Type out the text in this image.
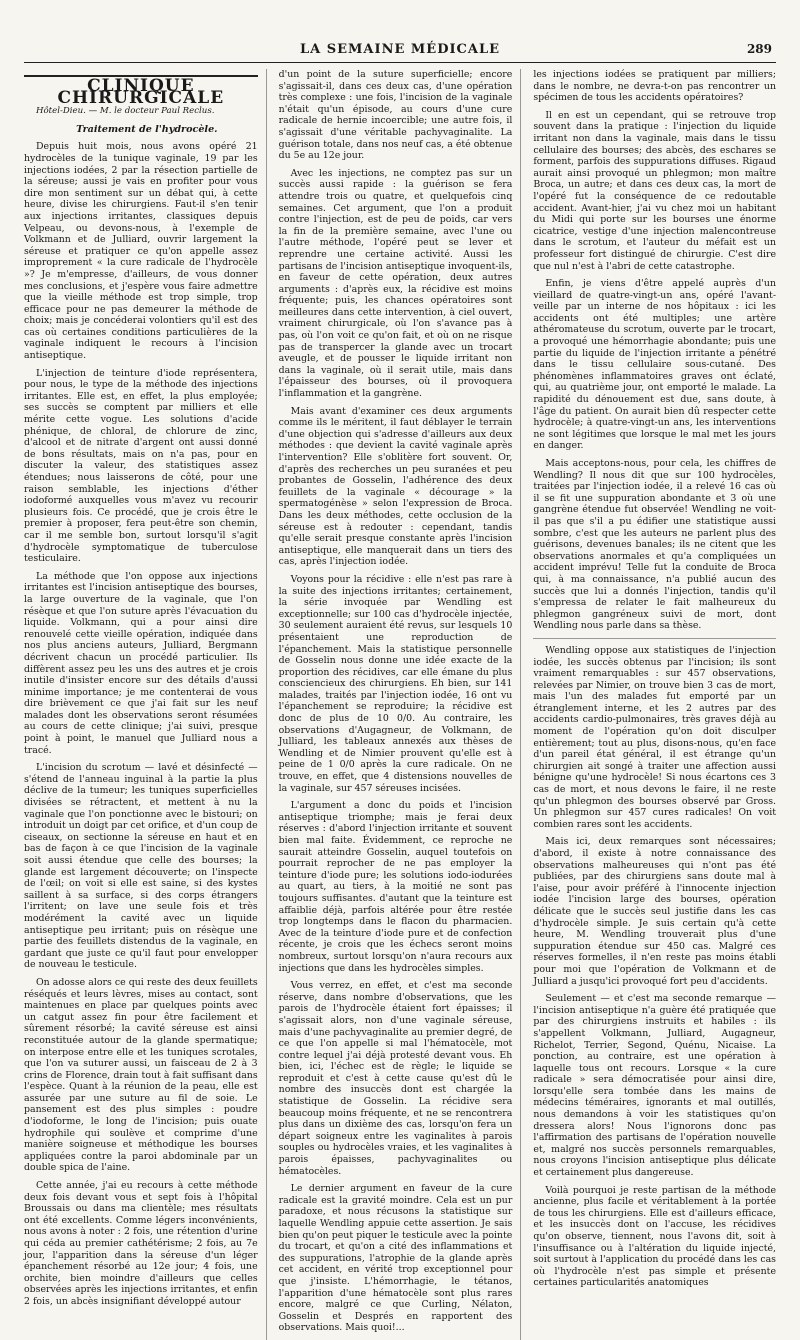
LA SEMAINE MÉDICALE	289
CLINIQUE CHIRURGICALE

Hôtel-Dieu. — M. le docteur Paul Reclus.

Traitement de l'hydrocèle.

Depuis huit mois, nous avons opéré 21 hydrocèles de la tunique vaginale, 19 par les injections iodées, 2 par la résection partielle de la séreuse; aussi je vais en profiter pour vous dire mon sentiment sur un débat qui, à cette heure, divise les chirurgiens. Faut-il s'en tenir aux injections irritantes, classiques depuis Velpeau, ou devons-nous, à l'exemple de Volkmann et de Julliard, ouvrir largement la séreuse et pratiquer ce qu'on appelle assez improprement « la cure radicale de l'hydrocèle »? Je m'empresse, d'ailleurs, de vous donner mes conclusions, et j'espère vous faire admettre que la vieille méthode est trop simple, trop efficace pour ne pas demeurer la méthode de choix; mais je concéderai volontiers qu'il est des cas où certaines conditions particulières de la vaginale indiquent le recours à l'incision antiseptique.

L'injection de teinture d'iode représentera, pour nous, le type de la méthode des injections irritantes. Elle est, en effet, la plus employée; ses succès se comptent par milliers et elle mérite cette vogue. Les solutions d'acide phénique, de chloral, de chlorure de zinc, d'alcool et de nitrate d'argent ont aussi donné de bons résultats, mais on n'a pas, pour en discuter la valeur, des statistiques assez étendues; nous laisserons de côté, pour une raison semblable, les injections d'éther iodoformé auxquelles vous m'avez vu recourir plusieurs fois. Ce procédé, que je crois être le premier à proposer, fera peut-être son chemin, car il me semble bon, surtout lorsqu'il s'agit d'hydrocèle symptomatique de tuberculose testiculaire.

La méthode que l'on oppose aux injections irritantes est l'incision antiseptique des bourses, la large ouverture de la vaginale, que l'on résèque et que l'on suture après l'évacuation du liquide. Volkmann, qui a pour ainsi dire renouvelé cette vieille opération, indiquée dans nos plus anciens auteurs, Julliard, Bergmann décrivent chacun un procédé particulier. Ils diffèrent assez peu les uns des autres et je crois inutile d'insister encore sur des détails d'aussi minime importance; je me contenterai de vous dire brièvement ce que j'ai fait sur les neuf malades dont les observations seront résumées au cours de cette clinique; j'ai suivi, presque point à point, le manuel que Julliard nous a tracé.

L'incision du scrotum — lavé et désinfecté — s'étend de l'anneau inguinal à la partie la plus déclive de la tumeur; les tuniques superficielles divisées se rétractent, et mettent à nu la vaginale que l'on ponctionne avec le bistouri; on introduit un doigt par cet orifice, et d'un coup de ciseaux, on sectionne la séreuse en haut et en bas de façon à ce que l'incision de la vaginale soit aussi étendue que celle des bourses; la glande est largement découverte; on l'inspecte de l'œil; on voit si elle est saine, si des kystes saillent à sa surface, si des corps étrangers l'irritent; on lave une seule fois et très modérément la cavité avec un liquide antiseptique peu irritant; puis on résèque une partie des feuillets distendus de la vaginale, en gardant que juste ce qu'il faut pour envelopper de nouveau le testicule.

On adosse alors ce qui reste des deux feuillets réséqués et leurs lèvres, mises au contact, sont maintenues en place par quelques points avec un catgut assez fin pour être facilement et sûrement résorbé; la cavité séreuse est ainsi reconstituée autour de la glande spermatique; on interpose entre elle et les tuniques scrotales, que l'on va suturer aussi, un faisceau de 2 à 3 crins de Florence, drain tout à fait suffisant dans l'espèce. Quant à la réunion de la peau, elle est assurée par une suture au fil de soie. Le pansement est des plus simples : poudre d'iodoforme, le long de l'incision; puis ouate hydrophile qui soulève et comprime d'une manière soigneuse et méthodique les bourses appliquées contre la paroi abdominale par un double spica de l'aine.

Cette année, j'ai eu recours à cette méthode deux fois devant vous et sept fois à l'hôpital Broussais ou dans ma clientèle; mes résultats ont été excellents. Comme légers inconvénients, nous avons à noter : 2 fois, une rétention d'urine qui céda au premier cathétérisme; 2 fois, au 7e jour, l'apparition dans la séreuse d'un léger épanchement résorbé au 12e jour; 4 fois, une orchite, bien moindre d'ailleurs que celles observées après les injections irritantes, et enfin 2 fois, un abcès insignifiant développé autour

d'un point de la suture superficielle; encore s'agissait-il, dans ces deux cas, d'une opération très complexe : une fois, l'incision de la vaginale n'était qu'un épisode, au cours d'une cure radicale de hernie incoercible; une autre fois, il s'agissait d'une véritable pachyvaginalite. La guérison totale, dans nos neuf cas, a été obtenue du 5e au 12e jour.

Avec les injections, ne comptez pas sur un succès aussi rapide : la guérison se fera attendre trois ou quatre, et quelquefois cinq semaines. Cet argument, que l'on a produit contre l'injection, est de peu de poids, car vers la fin de la première semaine, avec l'une ou l'autre méthode, l'opéré peut se lever et reprendre une certaine activité. Aussi les partisans de l'incision antiseptique invoquent-ils, en faveur de cette opération, deux autres arguments : d'après eux, la récidive est moins fréquente; puis, les chances opératoires sont meilleures dans cette intervention, à ciel ouvert, vraiment chirurgicale, où l'on s'avance pas à pas, où l'on voit ce qu'on fait, et où on ne risque pas de transpercer la glande avec un trocart aveugle, et de pousser le liquide irritant non dans la vaginale, où il serait utile, mais dans l'épaisseur des bourses, où il provoquera l'inflammation et la gangrène.

Mais avant d'examiner ces deux arguments comme ils le méritent, il faut déblayer le terrain d'une objection qui s'adresse d'ailleurs aux deux méthodes : que devient la cavité vaginale après l'intervention? Elle s'oblitère fort souvent. Or, d'après des recherches un peu suranées et peu probantes de Gosselin, l'adhérence des deux feuillets de la vaginale « décourage » la spermatogénèse » selon l'expression de Broca. Dans les deux méthodes, cette occlusion de la séreuse est à redouter : cependant, tandis qu'elle serait presque constante après l'incision antiseptique, elle manquerait dans un tiers des cas, après l'injection iodée.

Voyons pour la récidive : elle n'est pas rare à la suite des injections irritantes; certainement, la série invoquée par Wendling est exceptionnelle; sur 100 cas d'hydrocèle injectée, 30 seulement auraient été revus, sur lesquels 10 présentaient une reproduction de l'épanchement. Mais la statistique personnelle de Gosselin nous donne une idée exacte de la proportion des récidives, car elle émane du plus consciencieux des chirurgiens. Eh bien, sur 141 malades, traités par l'injection iodée, 16 ont vu l'épanchement se reproduire; la récidive est donc de plus de 10 0/0. Au contraire, les observations d'Augagneur, de Volkmann, de Julliard, les tableaux annexés aux thèses de Wendling et de Nimier prouvent qu'elle est à peine de 1 0/0 après la cure radicale. On ne trouve, en effet, que 4 distensions nouvelles de la vaginale, sur 457 séreuses incisées.

L'argument a donc du poids et l'incision antiseptique triomphe; mais je ferai deux réserves : d'abord l'injection irritante et souvent bien mal faite. Évidemment, ce reproche ne saurait atteindre Gosselin, auquel toutefois on pourrait reprocher de ne pas employer la teinture d'iode pure; les solutions iodo-iodurées au quart, au tiers, à la moitié ne sont pas toujours suffisantes. d'autant que la teinture est affaiblie déjà, parfois altérée pour être restée trop longtemps dans le flacon du pharmacien. Avec de la teinture d'iode pure et de confection récente, je crois que les échecs seront moins nombreux, surtout lorsqu'on n'aura recours aux injections que dans les hydrocèles simples.

Vous verrez, en effet, et c'est ma seconde réserve, dans nombre d'observations, que les parois de l'hydrocèle étaient fort épaisses; il s'agissait alors, non d'une vaginale séreuse, mais d'une pachyvaginalite au premier degré, de ce que l'on appelle si mal l'hématocèle, mot contre lequel j'ai déjà protesté devant vous. Eh bien, ici, l'échec est de règle; le liquide se reproduit et c'est à cette cause qu'est dû le nombre des insuccès dont est chargée la statistique de Gosselin. La récidive sera beaucoup moins fréquente, et ne se rencontrera plus dans un dixième des cas, lorsqu'on fera un départ soigneux entre les vaginalites à parois souples ou hydrocèles vraies, et les vaginalites à parois épaisses, pachyvaginalites ou hématocèles.

Le dernier argument en faveur de la cure radicale est la gravité moindre. Cela est un pur paradoxe, et nous récusons la statistique sur laquelle Wendling appuie cette assertion. Je sais bien qu'on peut piquer le testicule avec la pointe du trocart, et qu'on a cité des inflammations et des suppurations, l'atrophie de la glande après cet accident, en vérité trop exceptionnel pour que j'insiste. L'hémorrhagie, le tétanos, l'apparition d'une hématocèle sont plus rares encore, malgré ce que Curling, Nélaton, Gosselin et Després en rapportent des observations. Mais quoi!...

les injections iodées se pratiquent par milliers; dans le nombre, ne devra-t-on pas rencontrer un spécimen de tous les accidents opératoires?

Il en est un cependant, qui se retrouve trop souvent dans la pratique : l'injection du liquide irritant non dans la vaginale, mais dans le tissu cellulaire des bourses; des abcès, des eschares se forment, parfois des suppurations diffuses. Rigaud aurait ainsi provoqué un phlegmon; mon maître Broca, un autre; et dans ces deux cas, la mort de l'opéré fut la conséquence de ce redoutable accident. Avant-hier, j'ai vu chez moi un habitant du Midi qui porte sur les bourses une énorme cicatrice, vestige d'une injection malencontreuse dans le scrotum, et l'auteur du méfait est un professeur fort distingué de chirurgie. C'est dire que nul n'est à l'abri de cette catastrophe.

Enfin, je viens d'être appelé auprès d'un vieillard de quatre-vingt-un ans, opéré l'avant-veille par un interne de nos hôpitaux : ici les accidents ont été multiples; une artère athéromateuse du scrotum, ouverte par le trocart, a provoqué une hémorrhagie abondante; puis une partie du liquide de l'injection irritante a pénétré dans le tissu cellulaire sous-cutané. Des phénomènes inflammatoires graves ont éclaté, qui, au quatrième jour, ont emporté le malade. La rapidité du dénouement est due, sans doute, à l'âge du patient. On aurait bien dû respecter cette hydrocèle; à quatre-vingt-un ans, les interventions ne sont légitimes que lorsque le mal met les jours en danger.

Mais acceptons-nous, pour cela, les chiffres de Wendling? Il nous dit que sur 100 hydrocèles, traitées par l'injection iodée, il a relevé 16 cas où il se fit une suppuration abondante et 3 où une gangrène étendue fut observée! Wendling ne voit-il pas que s'il a pu édifier une statistique aussi sombre, c'est que les auteurs ne parlent plus des guérisons, devenues banales; ils ne citent que les observations anormales et qu'a compliquées un accident imprévu! Telle fut la conduite de Broca qui, à ma connaissance, n'a publié aucun des succès que lui a donnés l'injection, tandis qu'il s'empressa de relater le fait malheureux du phlegmon gangréneux suivi de mort, dont Wendling nous parle dans sa thèse.

Wendling oppose aux statistiques de l'injection iodée, les succès obtenus par l'incision; ils sont vraiment remarquables : sur 457 observations, relevées par Nimier, on trouve bien 3 cas de mort, mais l'un des malades fut emporté par un étranglement interne, et les 2 autres par des accidents cardio-pulmonaires, très graves déjà au moment de l'opération qu'on doit disculper entièrement; tout au plus, disons-nous, qu'en face d'un pareil état général, il est étrange qu'un chirurgien ait songé à traiter une affection aussi bénigne qu'une hydrocèle! Si nous écartons ces 3 cas de mort, et nous devons le faire, il ne reste qu'un phlegmon des bourses observé par Gross. Un phlegmon sur 457 cures radicales! On voit combien rares sont les accidents.

Mais ici, deux remarques sont nécessaires; d'abord, il existe à notre connaissance des observations malheureuses qui n'ont pas été publiées, par des chirurgiens sans doute mal à l'aise, pour avoir préféré à l'innocente injection iodée l'incision large des bourses, opération délicate que le succès seul justifie dans les cas d'hydrocèle simple. Je suis certain qu'à cette heure, M. Wendling trouverait plus d'une suppuration étendue sur 450 cas. Malgré ces réserves formelles, il n'en reste pas moins établi pour moi que l'opération de Volkmann et de Julliard a jusqu'ici provoqué fort peu d'accidents.

Seulement — et c'est ma seconde remarque — l'incision antiseptique n'a guère été pratiquée que par des chirurgiens instruits et habiles : ils s'appellent Volkmann, Julliard, Augagneur, Richelot, Terrier, Segond, Quénu, Nicaise. La ponction, au contraire, est une opération à laquelle tous ont recours. Lorsque « la cure radicale » sera démocratisée pour ainsi dire, lorsqu'elle sera tombée dans les mains de médecins téméraires, ignorants et mal outillés, nous demandons à voir les statistiques qu'on dressera alors! Nous l'ignorons donc pas l'affirmation des partisans de l'opération nouvelle et, malgré nos succès personnels remarquables, nous croyons l'incision antiseptique plus délicate et certainement plus dangereuse.

Voilà pourquoi je reste partisan de la méthode ancienne, plus facile et véritablement à la portée de tous les chirurgiens. Elle est d'ailleurs efficace, et les insuccès dont on l'accuse, les récidives qu'on observe, tiennent, nous l'avons dit, soit à l'insuffisance ou à l'altération du liquide injecté, soit surtout à l'application du procédé dans les cas où l'hydrocèle n'est pas simple et présente certaines particularités anatomiques
